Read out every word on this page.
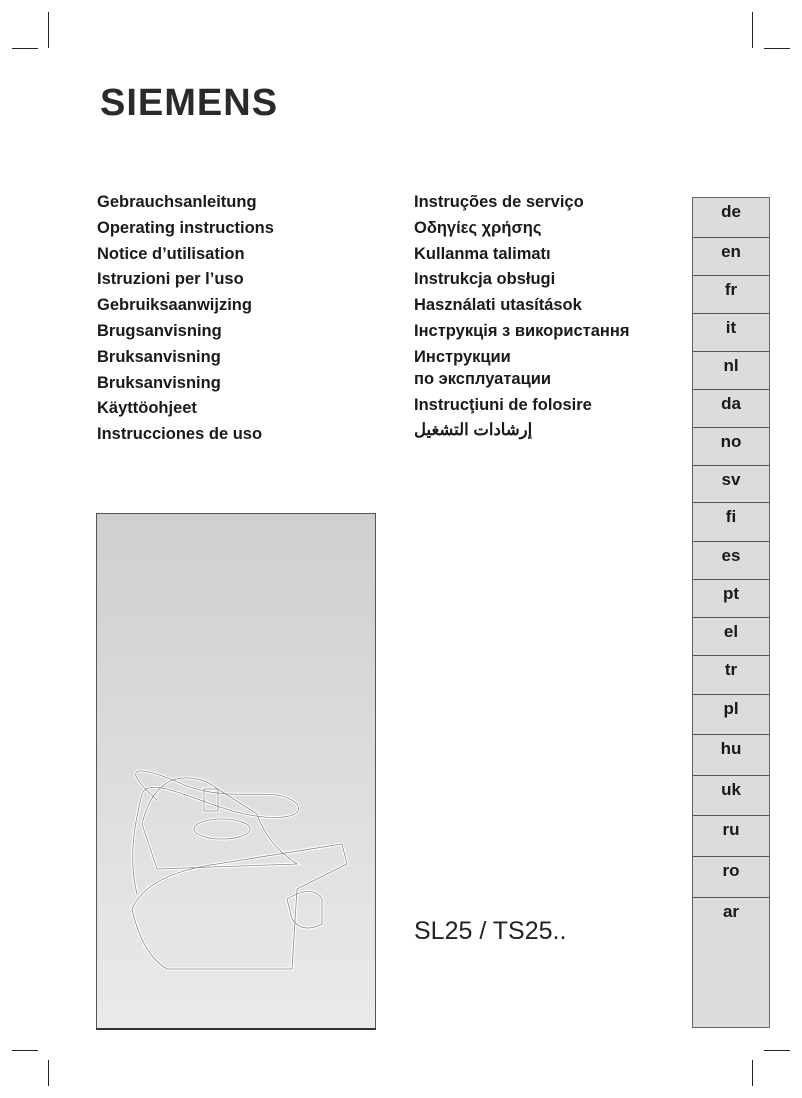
SIEMENS
Gebrauchsanleitung
Operating instructions
Notice d’utilisation
Istruzioni per l’uso
Gebruiksaanwijzing
Brugsanvisning
Bruksanvisning
Bruksanvisning
Käyttöohjeet
Instrucciones de uso
Instruções de serviço
Οδηγίες χρήσης
Kullanma talimatı
Instrukcja obsługi
Használati utasítások
Інструкція з використання
Инструкции
по эксплуатации
Instrucţiuni de folosire
إرشادات التشغيل
SL25 / TS25..
de
en
fr
it
nl
da
no
sv
fi
es
pt
el
tr
pl
hu
uk
ru
ro
ar
